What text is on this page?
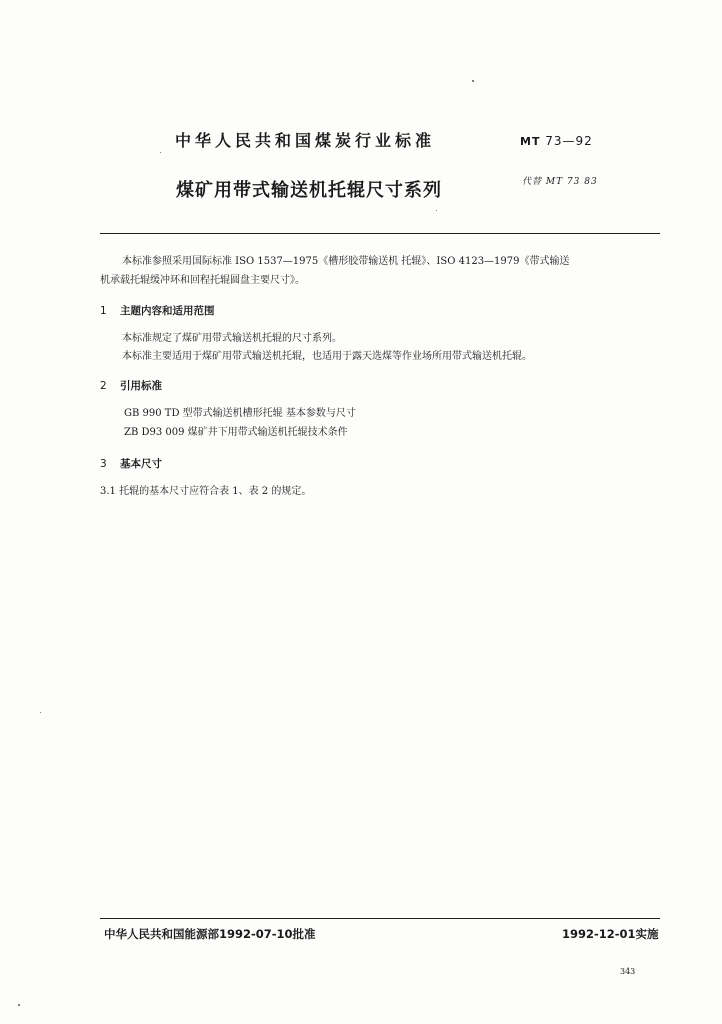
中华人民共和国煤炭行业标准	MT 73—92
煤矿用带式输送机托辊尺寸系列	代替 MT 73 83
本标准参照采用国际标准 ISO 1537—1975《槽形胶带输送机 托辊》、ISO 4123—1979《带式输送
机承载托辊缓冲环和回程托辊圆盘主要尺寸》。
1 主题内容和适用范围
本标准规定了煤矿用带式输送机托辊的尺寸系列。
本标准主要适用于煤矿用带式输送机托辊，也适用于露天选煤等作业场所用带式输送机托辊。
2 引用标准
GB 990 TD 型带式输送机槽形托辊 基本参数与尺寸
ZB D93 009 煤矿井下用带式输送机托辊技术条件
3 基本尺寸
3.1 托辊的基本尺寸应符合表 1、表 2 的规定。
中华人民共和国能源部1992-07-10批准	1992-12-01实施
343
